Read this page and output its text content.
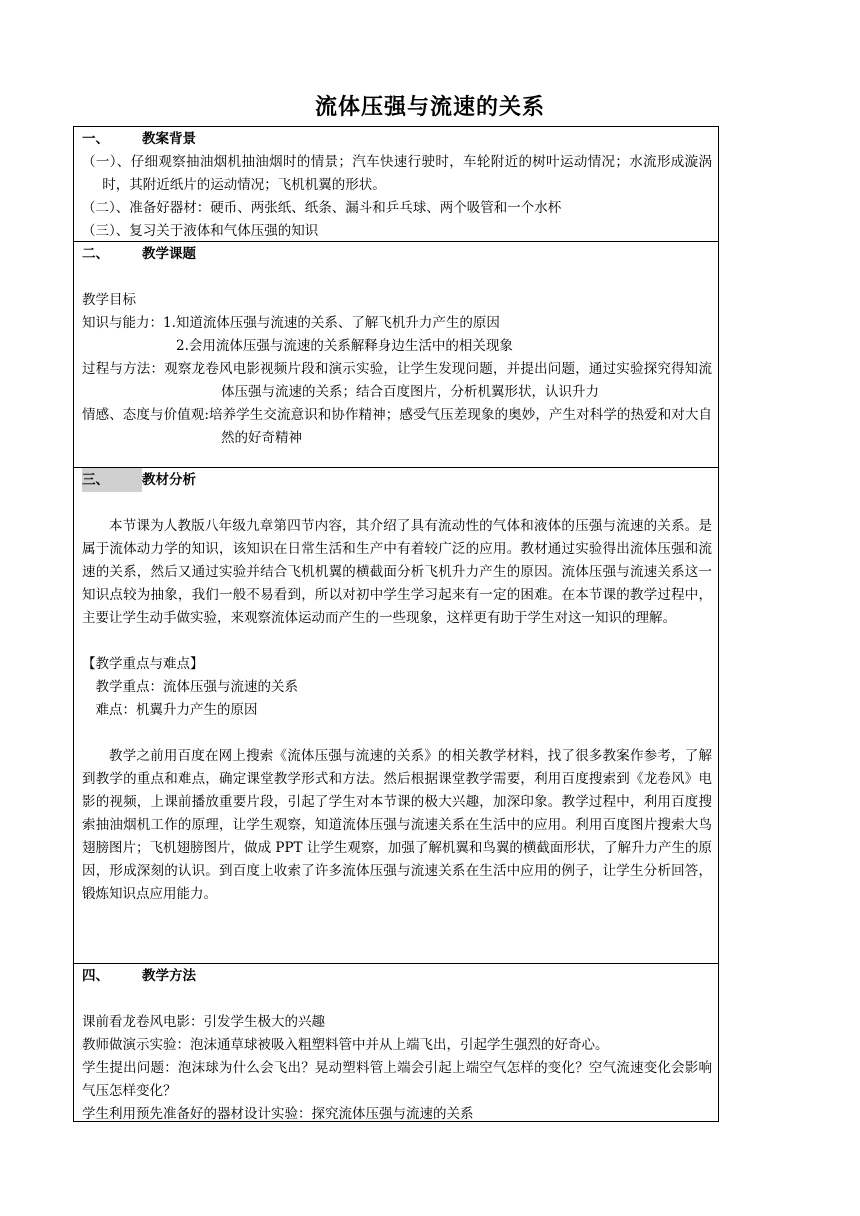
流体压强与流速的关系
一、 教案背景

（一）、仔细观察抽油烟机抽油烟时的情景；汽车快速行驶时，车轮附近的树叶运动情况；水流形成漩涡时，其附近纸片的运动情况；飞机机翼的形状。

（二）、准备好器材：硬币、两张纸、纸条、漏斗和乒乓球、两个吸管和一个水杯

（三）、复习关于液体和气体压强的知识

二、 教学课题

教学目标

知识与能力：1.知道流体压强与流速的关系、了解飞机升力产生的原因

2.会用流体压强与流速的关系解释身边生活中的相关现象

过程与方法：观察龙卷风电影视频片段和演示实验，让学生发现问题，并提出问题，通过实验探究得知流体压强与流速的关系；结合百度图片，分析机翼形状，认识升力

情感、态度与价值观:培养学生交流意识和协作精神；感受气压差现象的奥妙，产生对科学的热爱和对大自然的好奇精神

三、 教材分析

本节课为人教版八年级九章第四节内容，其介绍了具有流动性的气体和液体的压强与流速的关系。是属于流体动力学的知识，该知识在日常生活和生产中有着较广泛的应用。教材通过实验得出流体压强和流速的关系，然后又通过实验并结合飞机机翼的横截面分析飞机升力产生的原因。流体压强与流速关系这一知识点较为抽象，我们一般不易看到，所以对初中学生学习起来有一定的困难。在本节课的教学过程中，主要让学生动手做实验，来观察流体运动而产生的一些现象，这样更有助于学生对这一知识的理解。

【教学重点与难点】

教学重点：流体压强与流速的关系

难点：机翼升力产生的原因

教学之前用百度在网上搜索《流体压强与流速的关系》的相关教学材料，找了很多教案作参考，了解到教学的重点和难点，确定课堂教学形式和方法。然后根据课堂教学需要，利用百度搜索到《龙卷风》电影的视频，上课前播放重要片段，引起了学生对本节课的极大兴趣，加深印象。教学过程中，利用百度搜索抽油烟机工作的原理，让学生观察，知道流体压强与流速关系在生活中的应用。利用百度图片搜索大鸟翅膀图片；飞机翅膀图片，做成 PPT 让学生观察，加强了解机翼和鸟翼的横截面形状，了解升力产生的原因，形成深刻的认识。到百度上收索了许多流体压强与流速关系在生活中应用的例子，让学生分析回答，锻炼知识点应用能力。

四、 教学方法

课前看龙卷风电影：引发学生极大的兴趣

教师做演示实验：泡沫通草球被吸入粗塑料管中并从上端飞出，引起学生强烈的好奇心。

学生提出问题：泡沫球为什么会飞出？晃动塑料管上端会引起上端空气怎样的变化？空气流速变化会影响气压怎样变化？

学生利用预先准备好的器材设计实验：探究流体压强与流速的关系
